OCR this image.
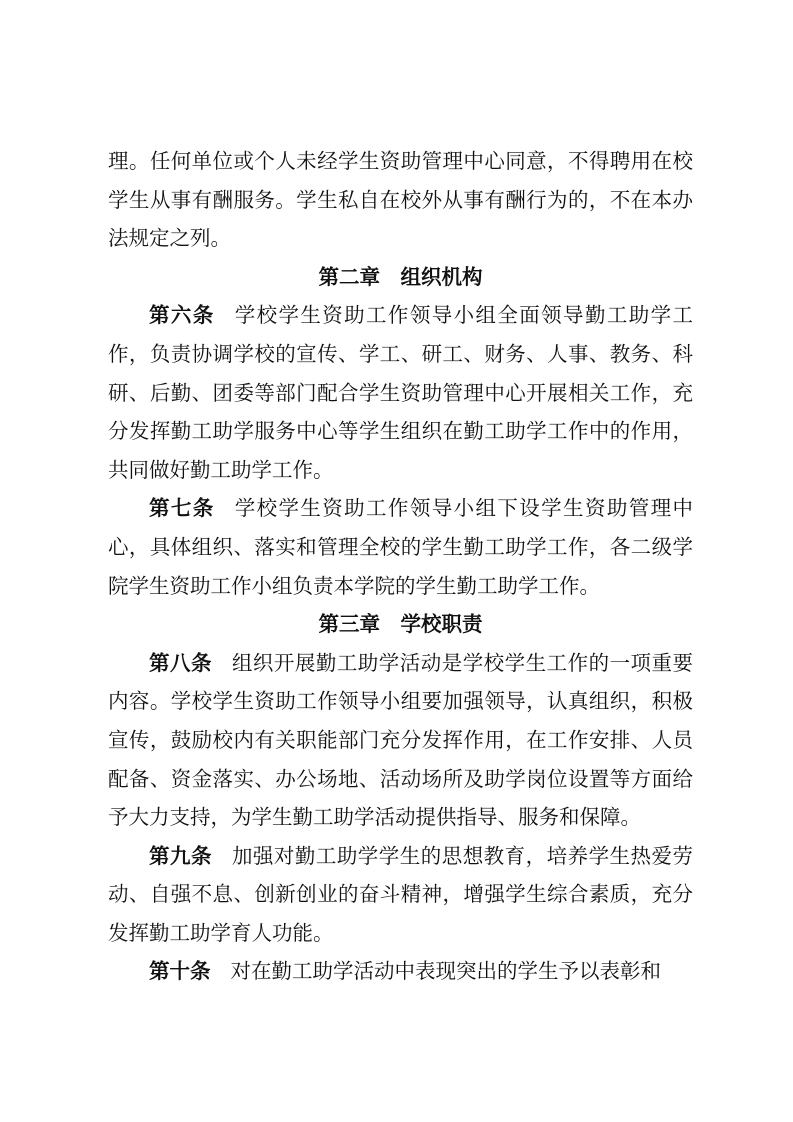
理。任何单位或个人未经学生资助管理中心同意，不得聘用在校学生从事有酬服务。学生私自在校外从事有酬行为的，不在本办法规定之列。

第二章　组织机构

第六条 学校学生资助工作领导小组全面领导勤工助学工作，负责协调学校的宣传、学工、研工、财务、人事、教务、科研、后勤、团委等部门配合学生资助管理中心开展相关工作，充分发挥勤工助学服务中心等学生组织在勤工助学工作中的作用，共同做好勤工助学工作。

第七条 学校学生资助工作领导小组下设学生资助管理中心，具体组织、落实和管理全校的学生勤工助学工作，各二级学院学生资助工作小组负责本学院的学生勤工助学工作。

第三章　学校职责

第八条 组织开展勤工助学活动是学校学生工作的一项重要内容。学校学生资助工作领导小组要加强领导，认真组织，积极宣传，鼓励校内有关职能部门充分发挥作用，在工作安排、人员配备、资金落实、办公场地、活动场所及助学岗位设置等方面给予大力支持，为学生勤工助学活动提供指导、服务和保障。

第九条 加强对勤工助学学生的思想教育，培养学生热爱劳动、自强不息、创新创业的奋斗精神，增强学生综合素质，充分发挥勤工助学育人功能。

第十条 对在勤工助学活动中表现突出的学生予以表彰和
